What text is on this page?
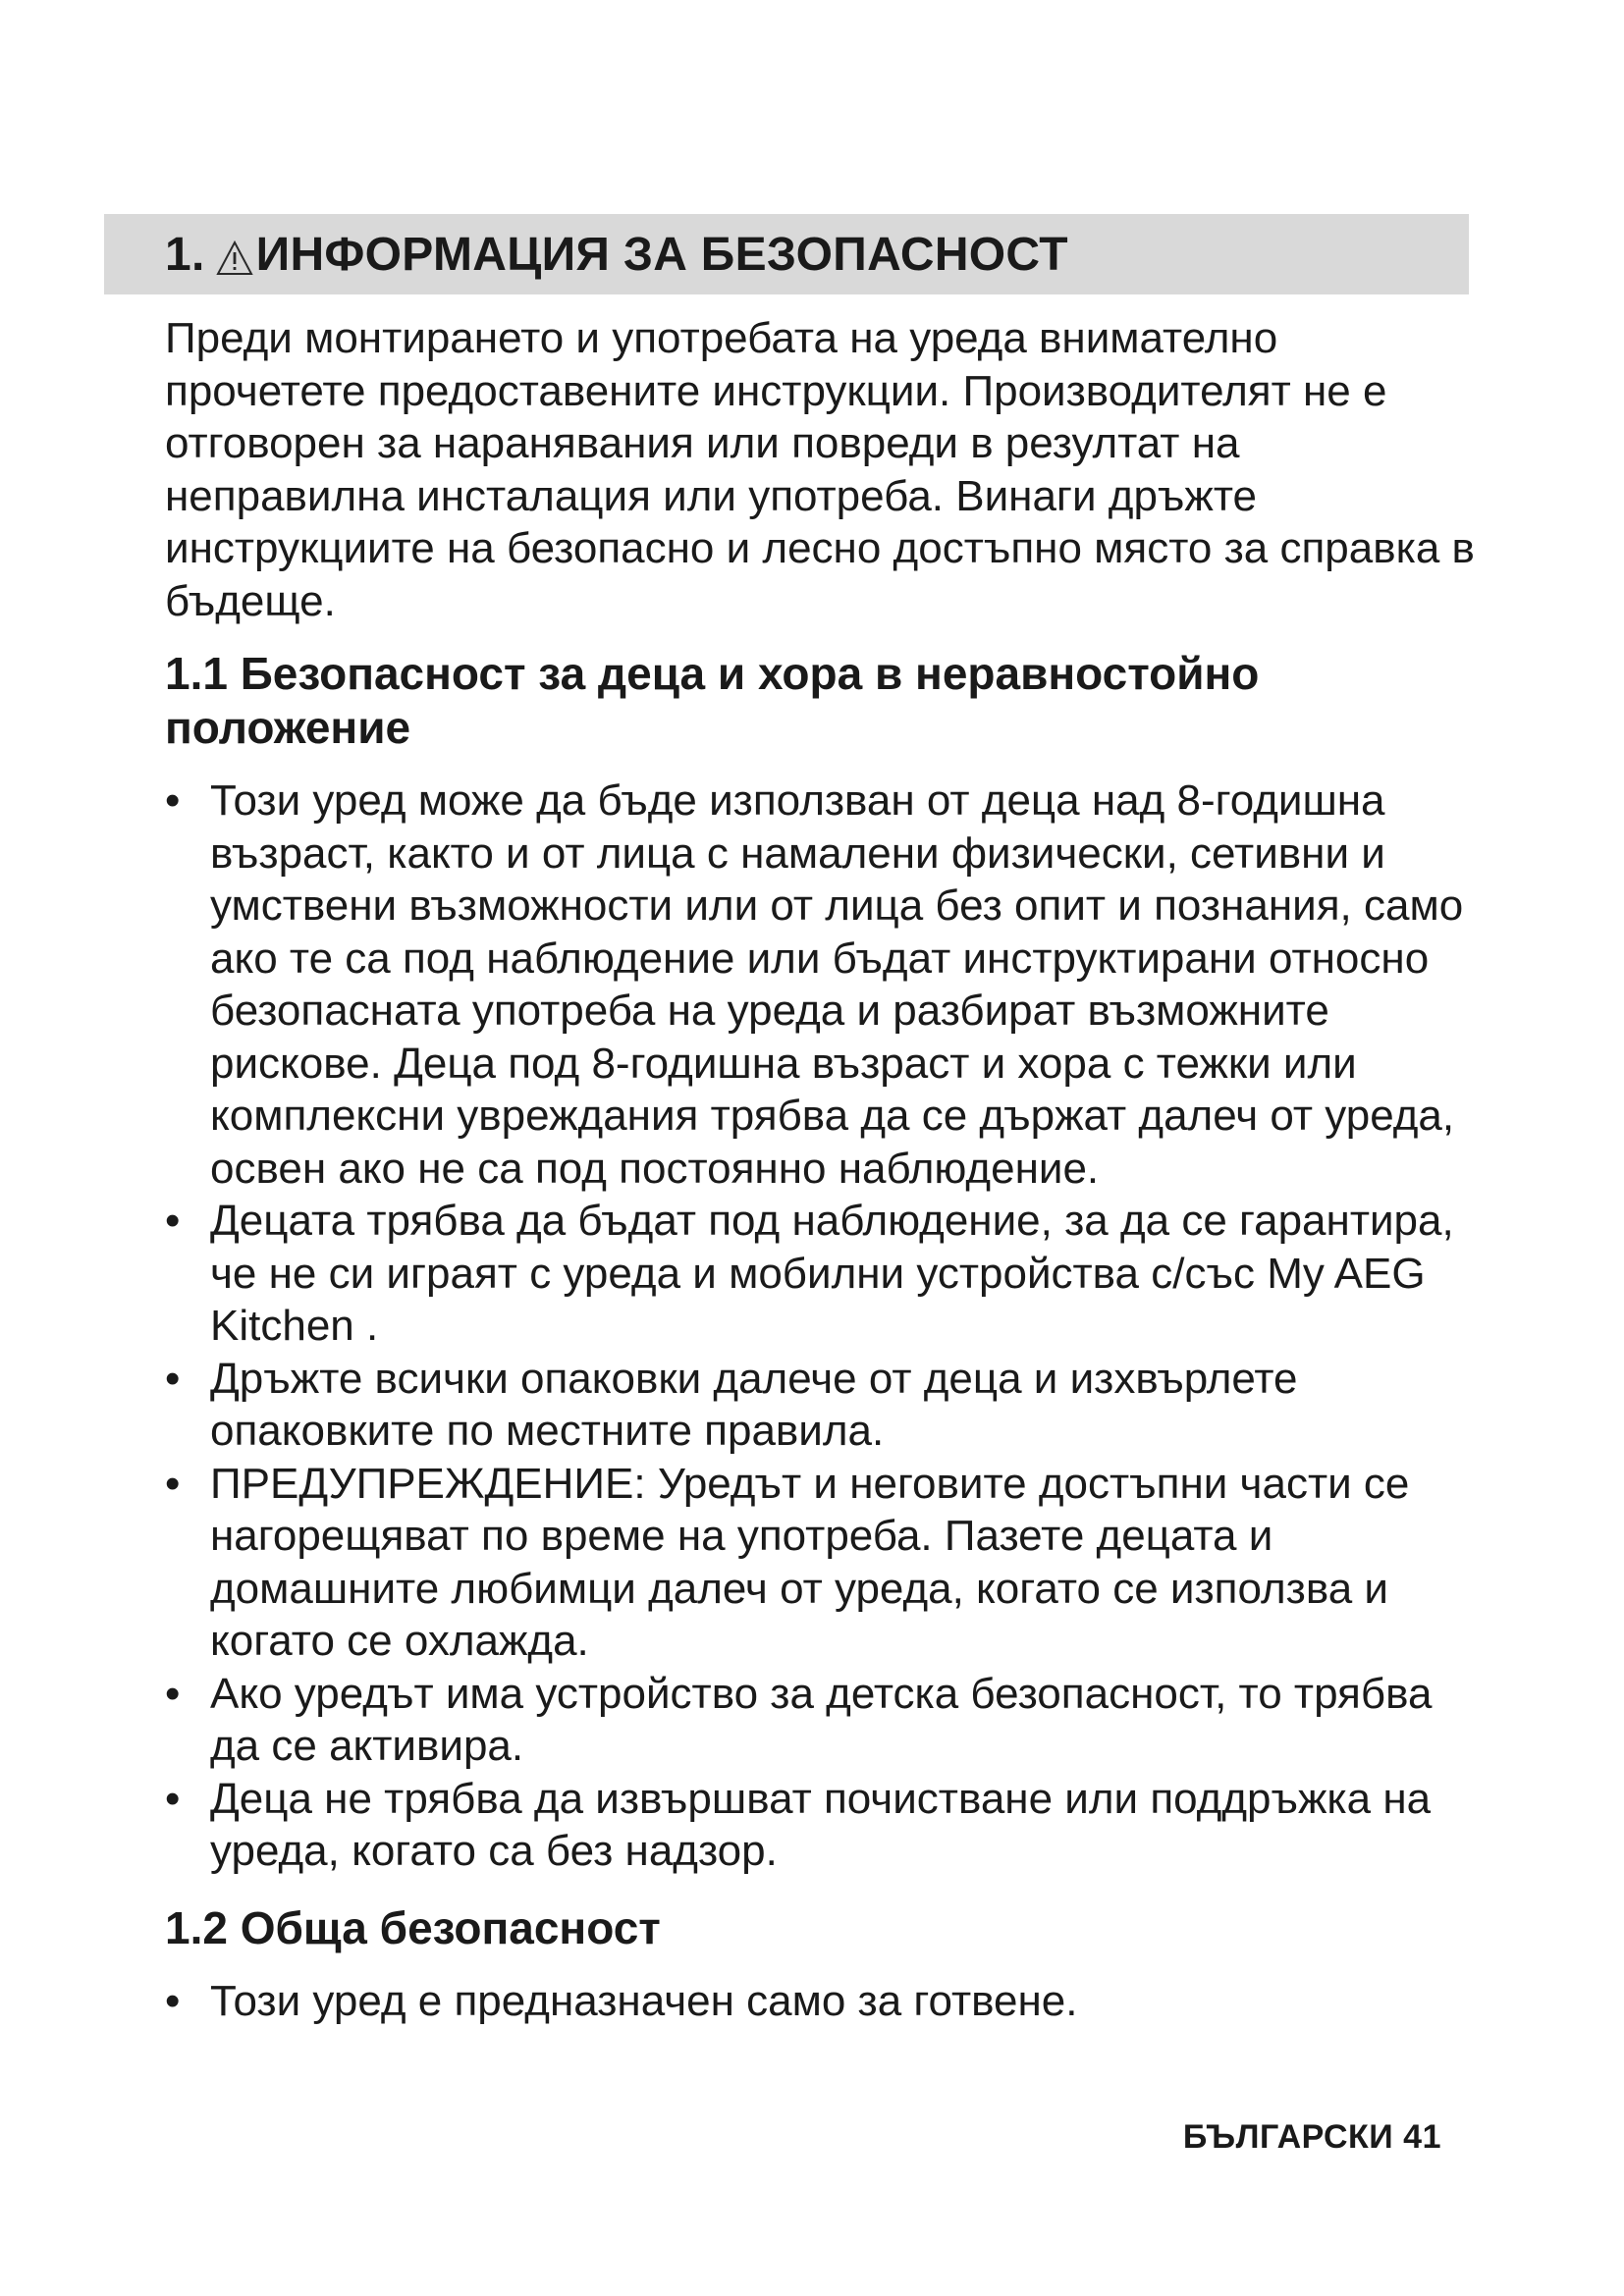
1. ИНФОРМАЦИЯ ЗА БЕЗОПАСНОСТ

Преди монтирането и употребата на уреда внимателно прочетете предоставените инструкции. Производителят не е отговорен за наранявания или повреди в резултат на неправилна инсталация или употреба. Винаги дръжте инструкциите на безопасно и лесно достъпно място за справка в бъдеще.

1.1 Безопасност за деца и хора в неравностойно положение
• Този уред може да бъде използван от деца над 8-годишна възраст, както и от лица с намалени физически, сетивни и умствени възможности или от лица без опит и познания, само ако те са под наблюдение или бъдат инструктирани относно безопасната употреба на уреда и разбират възможните рискове. Деца под 8-годишна възраст и хора с тежки или комплексни увреждания трябва да се държат далеч от уреда, освен ако не са под постоянно наблюдение.
• Децата трябва да бъдат под наблюдение, за да се гарантира, че не си играят с уреда и мобилни устройства с/със My AEG Kitchen .
• Дръжте всички опаковки далече от деца и изхвърлете опаковките по местните правила.
• ПРЕДУПРЕЖДЕНИЕ: Уредът и неговите достъпни части се нагорещяват по време на употреба. Пазете децата и домашните любимци далеч от уреда, когато се използва и когато се охлажда.
• Ако уредът има устройство за детска безопасност, то трябва да се активира.
• Деца не трябва да извършват почистване или поддръжка на уреда, когато са без надзор.
1.2 Обща безопасност
• Този уред е предназначен само за готвене.
БЪЛГАРСКИ 41
